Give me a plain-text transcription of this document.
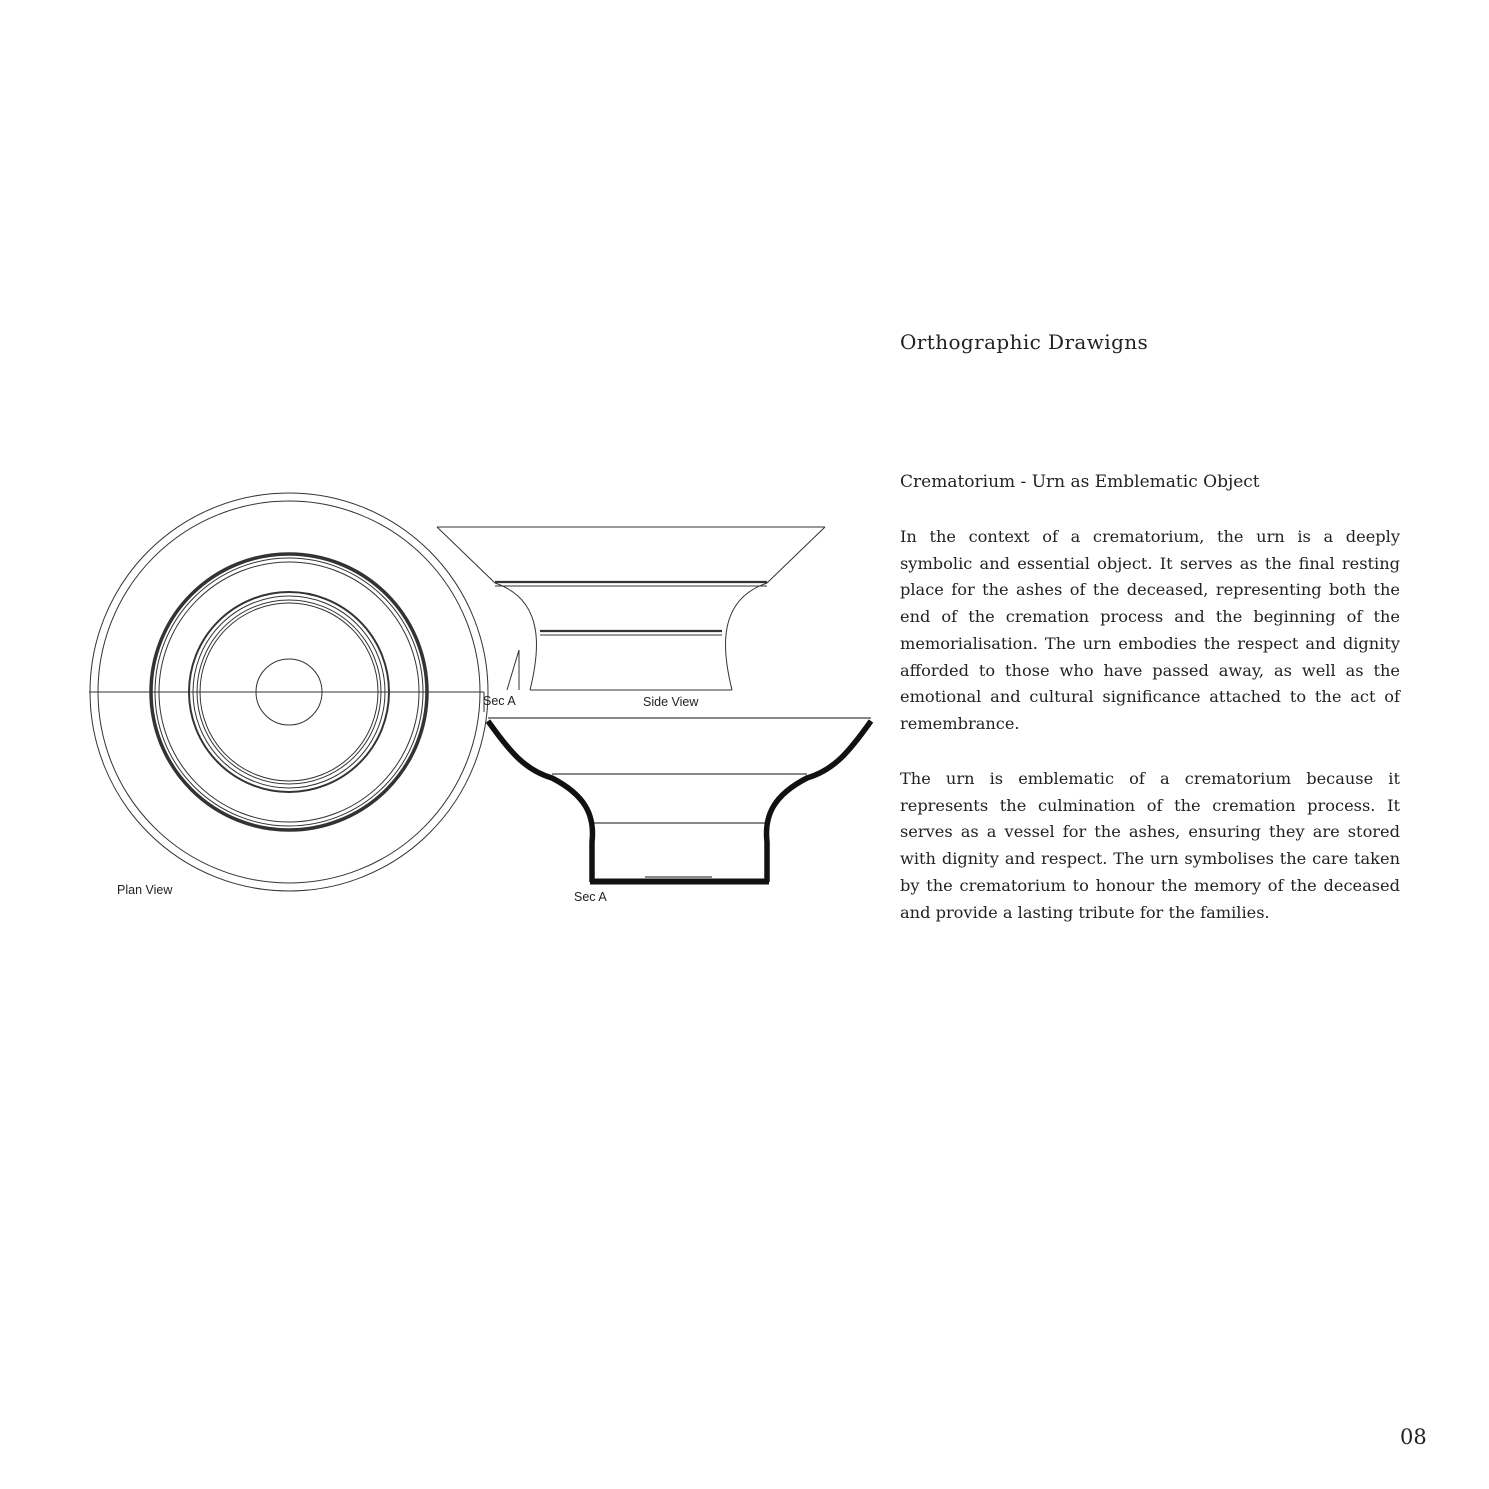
Orthographic Drawigns
Crematorium - Urn as Emblematic Object

In the context of a crematorium, the urn is a deeply symbolic and essential object. It serves as the final resting place for the ashes of the deceased, representing both the end of the cremation process and the beginning of the memorialisation. The urn embodies the respect and dignity afforded to those who have passed away, as well as the emotional and cultural significance attached to the act of remembrance.

The urn is emblematic of a crematorium because it represents the culmination of the cremation process. It serves as a vessel for the ashes, ensuring they are stored with dignity and respect. The urn symbolises the care taken by the crematorium to honour the memory of the deceased and provide a lasting tribute for the families.

08
Plan View
Sec A	Side View
Sec A
